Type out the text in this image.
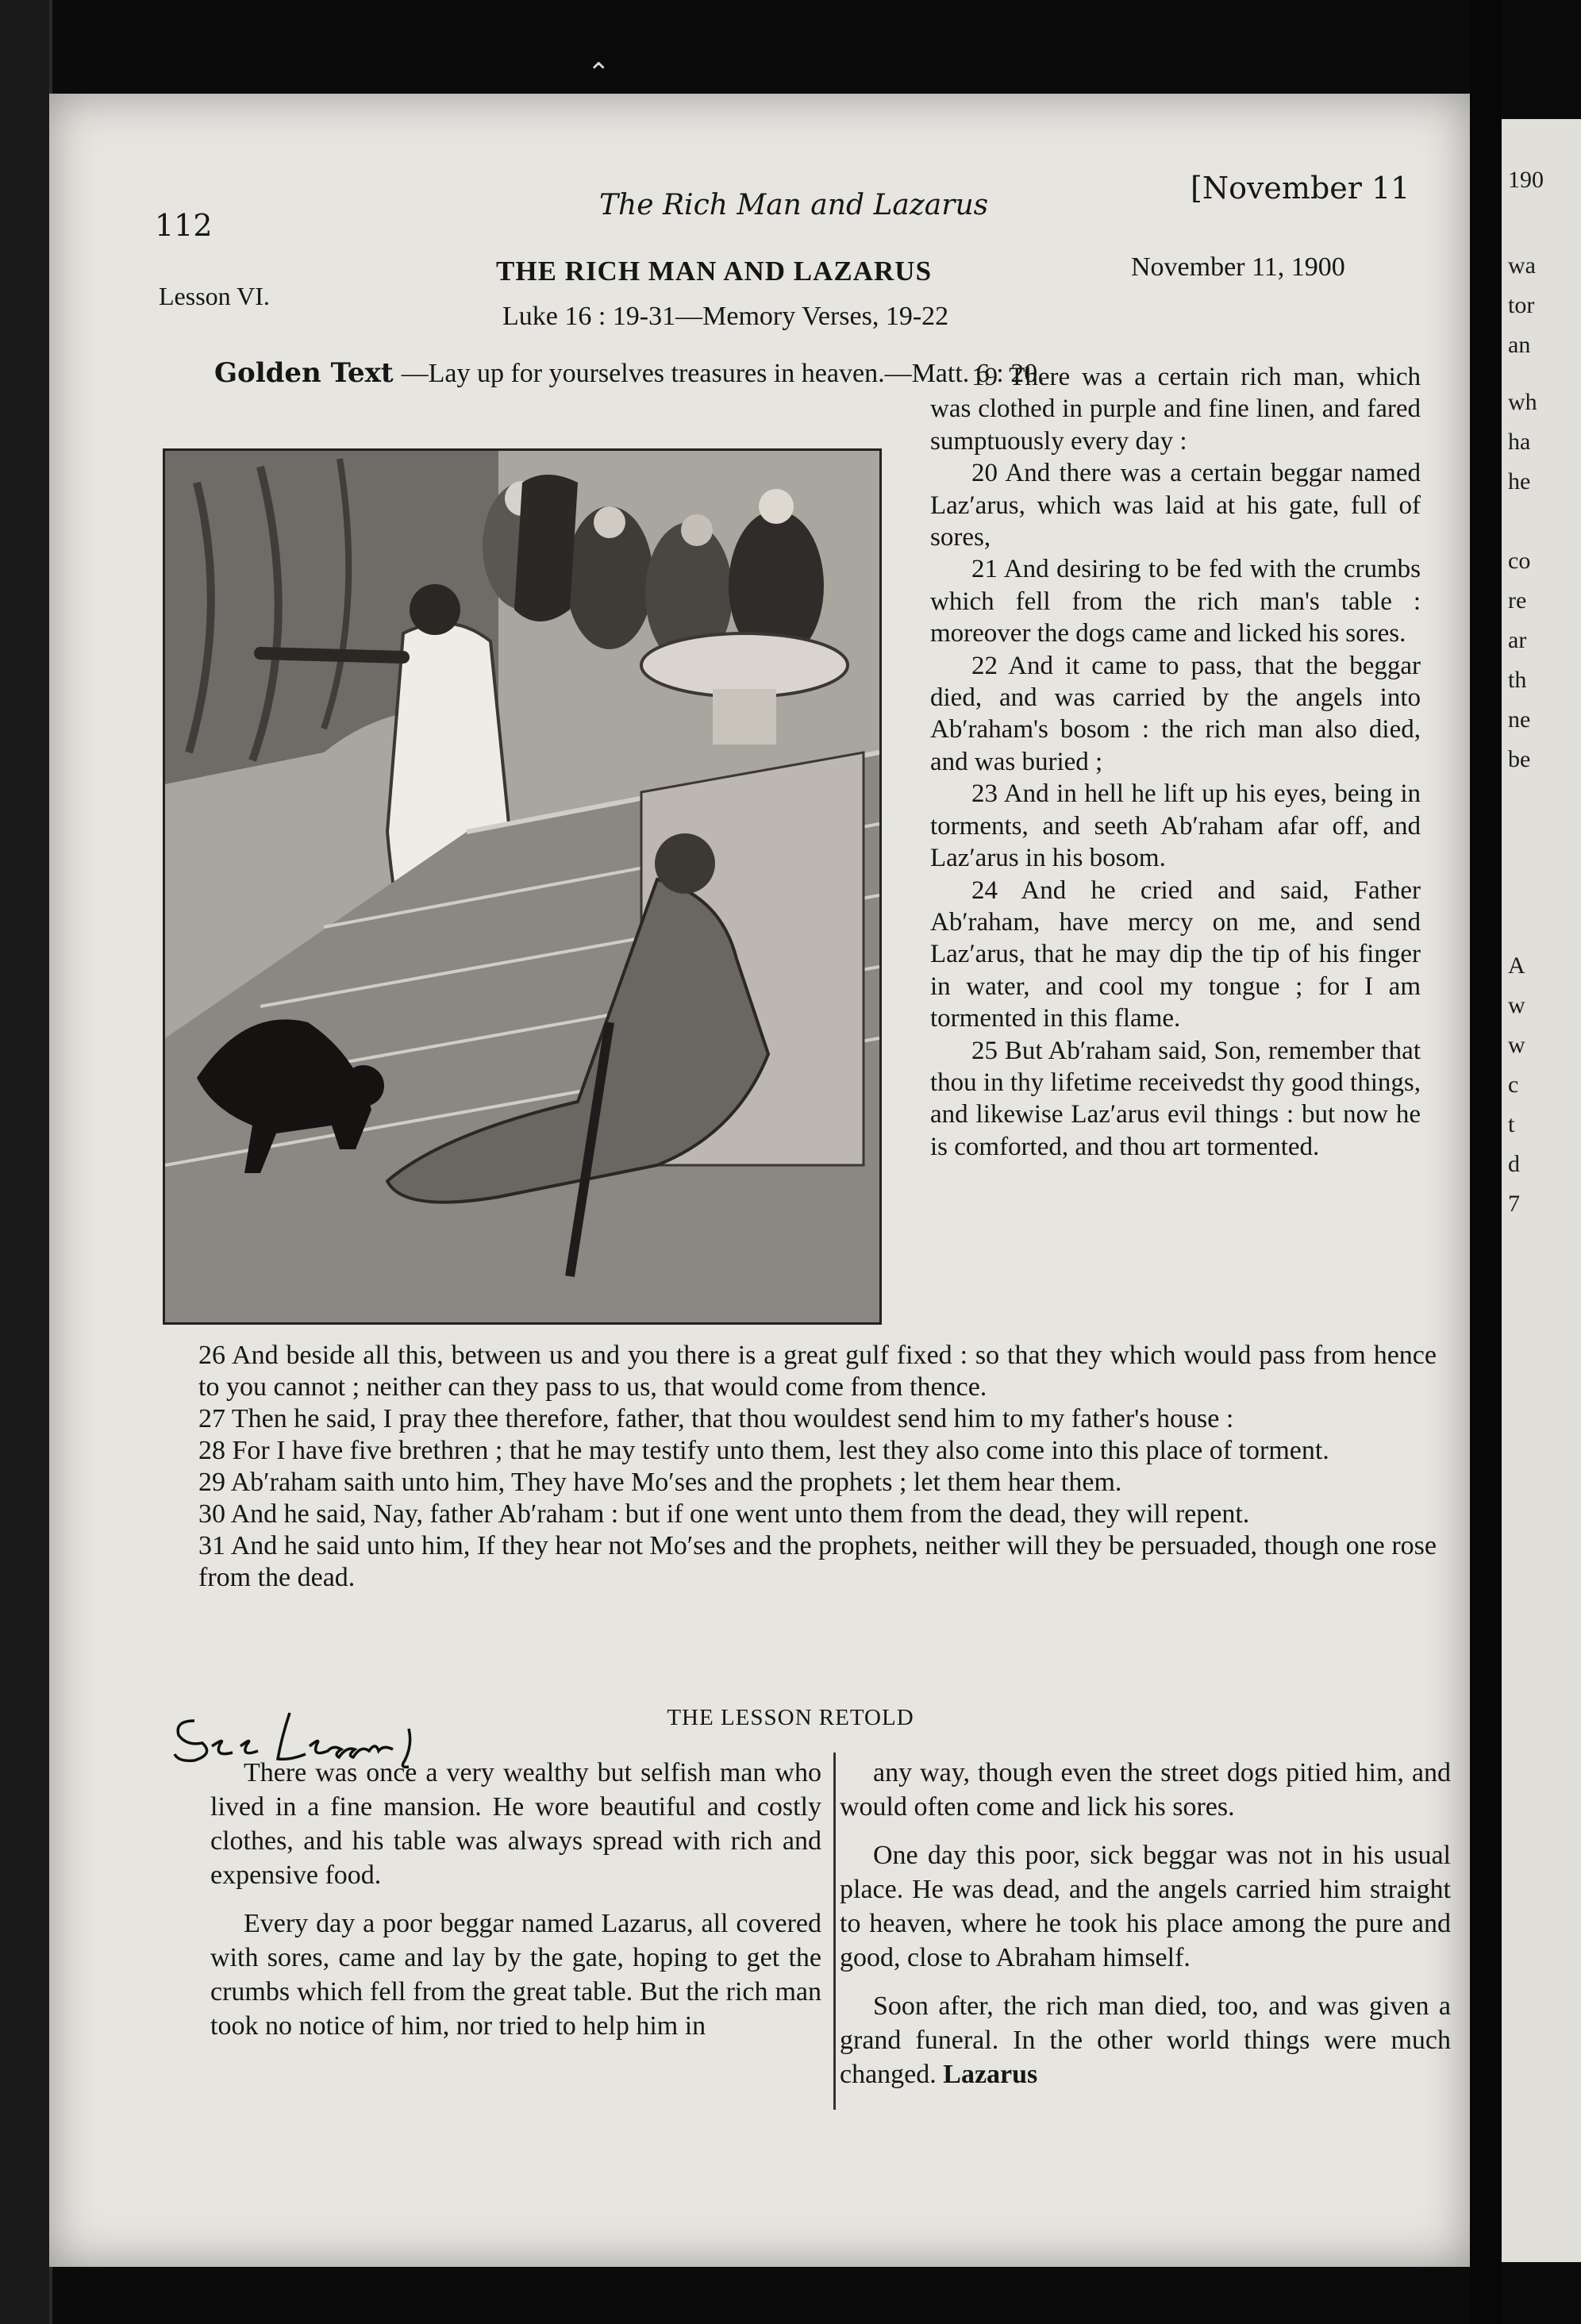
⌃
190
wa
tor
an
wh
ha
he
co
re
ar
th
ne
be
A
w
w
c
t
d
7
112
The Rich Man and Lazarus	[November 11
Lesson VI.
THE RICH MAN AND LAZARUS	November 11, 1900
Luke 16 : 19-31—Memory Verses, 19-22
Golden Text —Lay up for yourselves treasures in heaven.—Matt. 6 : 20.

19 There was a certain rich man, which was clothed in purple and fine linen, and fared sumptuously every day :

20 And there was a certain beggar named Laz′arus, which was laid at his gate, full of sores,

21 And desiring to be fed with the crumbs which fell from the rich man's table : moreover the dogs came and licked his sores.

22 And it came to pass, that the beggar died, and was carried by the angels into Ab′raham's bosom : the rich man also died, and was buried ;

23 And in hell he lift up his eyes, being in torments, and seeth Ab′raham afar off, and Laz′arus in his bosom.

24 And he cried and said, Father Ab′raham, have mercy on me, and send Laz′arus, that he may dip the tip of his finger in water, and cool my tongue ; for I am tormented in this flame.

25 But Ab′raham said, Son, remember that thou in thy lifetime receivedst thy good things, and likewise Laz′arus evil things : but now he is comforted, and thou art tormented.

26 And beside all this, between us and you there is a great gulf fixed : so that they which would pass from hence to you cannot ; neither can they pass to us, that would come from thence.

27 Then he said, I pray thee therefore, father, that thou wouldest send him to my father's house :

28 For I have five brethren ; that he may testify unto them, lest they also come into this place of torment.

29 Ab′raham saith unto him, They have Mo′ses and the prophets ; let them hear them.

30 And he said, Nay, father Ab′raham : but if one went unto them from the dead, they will repent.

31 And he said unto him, If they hear not Mo′ses and the prophets, neither will they be persuaded, though one rose from the dead.

THE LESSON RETOLD

There was once a very wealthy but selfish man who lived in a fine mansion. He wore beautiful and costly clothes, and his table was always spread with rich and expensive food.

Every day a poor beggar named Lazarus, all covered with sores, came and lay by the gate, hoping to get the crumbs which fell from the great table. But the rich man took no notice of him, nor tried to help him in

any way, though even the street dogs pitied him, and would often come and lick his sores.

One day this poor, sick beggar was not in his usual place. He was dead, and the angels carried him straight to heaven, where he took his place among the pure and good, close to Abraham himself.

Soon after, the rich man died, too, and was given a grand funeral. In the other world things were much changed. Lazarus
